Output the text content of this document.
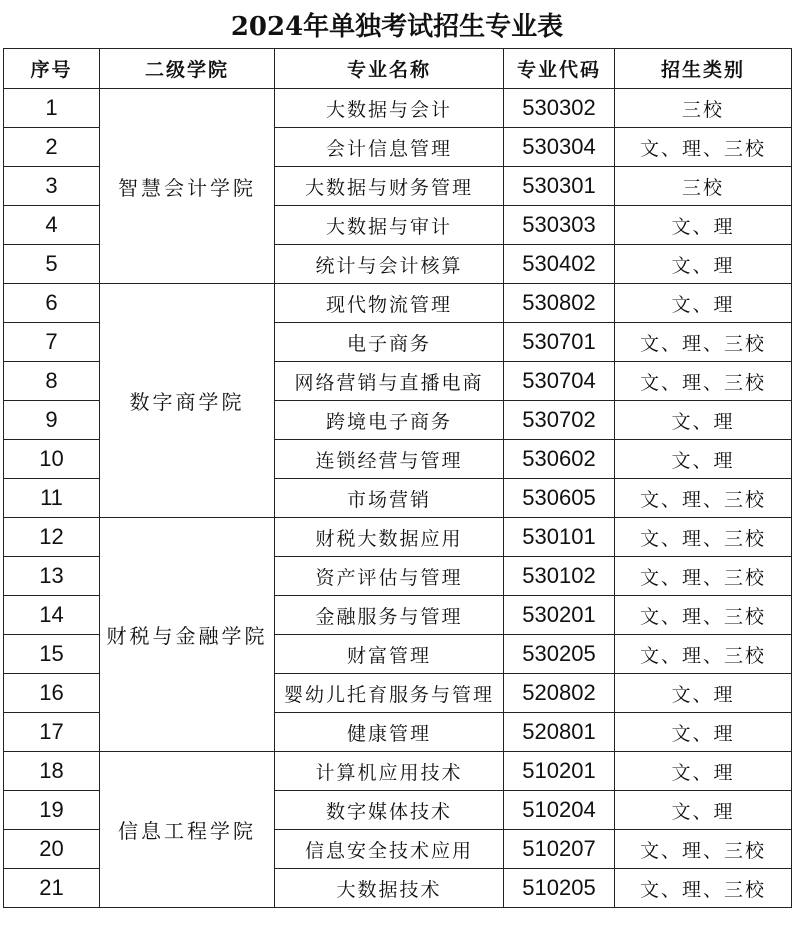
2024年单独考试招生专业表
序号	二级学院	专业名称	专业代码	招生类别
1	智慧会计学院	大数据与会计	530302	三校
2		会计信息管理	530304	文、理、三校
3		大数据与财务管理	530301	三校
4		大数据与审计	530303	文、理
5		统计与会计核算	530402	文、理
6	数字商学院	现代物流管理	530802	文、理
7		电子商务	530701	文、理、三校
8		网络营销与直播电商	530704	文、理、三校
9		跨境电子商务	530702	文、理
10		连锁经营与管理	530602	文、理
11		市场营销	530605	文、理、三校
12	财税与金融学院	财税大数据应用	530101	文、理、三校
13		资产评估与管理	530102	文、理、三校
14		金融服务与管理	530201	文、理、三校
15		财富管理	530205	文、理、三校
16		婴幼儿托育服务与管理	520802	文、理
17		健康管理	520801	文、理
18	信息工程学院	计算机应用技术	510201	文、理
19		数字媒体技术	510204	文、理
20		信息安全技术应用	510207	文、理、三校
21		大数据技术	510205	文、理、三校
